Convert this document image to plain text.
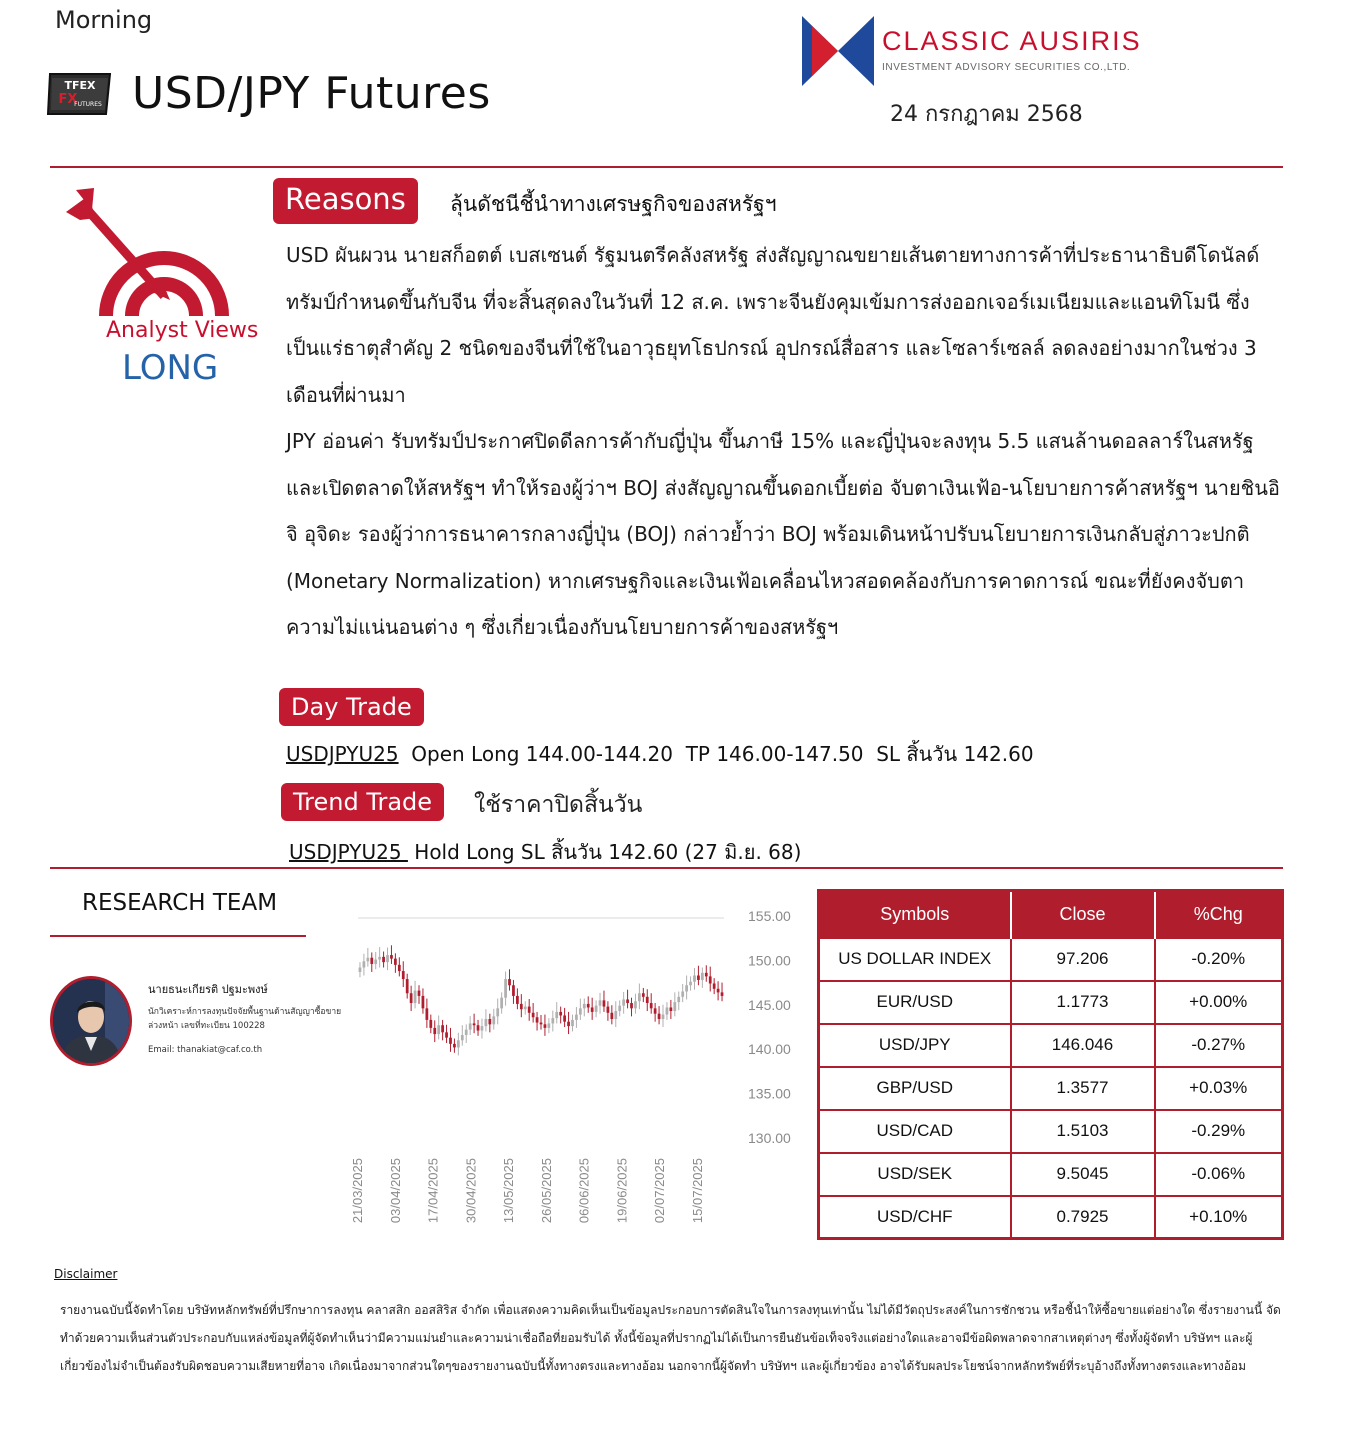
Morning
TFEX
FX
FUTURES USD/JPY Futures
CLASSIC AUSIRIS
INVESTMENT ADVISORY SECURITIES CO.,LTD.
24 กรกฎาคม 2568
Analyst Views
LONG
Reasons	ลุ้นดัชนีชี้นำทางเศรษฐกิจของสหรัฐฯ

USD ผันผวน นายสก็อตต์ เบสเซนต์ รัฐมนตรีคลังสหรัฐ ส่งสัญญาณขยายเส้นตายทางการค้าที่ประธานาธิบดีโดนัลด์ ทรัมป์กำหนดขึ้นกับจีน ที่จะสิ้นสุดลงในวันที่ 12 ส.ค. เพราะจีนยังคุมเข้มการส่งออกเจอร์เมเนียมและแอนทิโมนี ซึ่งเป็นแร่ธาตุสำคัญ 2 ชนิดของจีนที่ใช้ในอาวุธยุทโธปกรณ์ อุปกรณ์สื่อสาร และโซลาร์เซลล์ ลดลงอย่างมากในช่วง 3 เดือนที่ผ่านมา

JPY อ่อนค่า รับทรัมป์ประกาศปิดดีลการค้ากับญี่ปุ่น ขึ้นภาษี 15% และญี่ปุ่นจะลงทุน 5.5 แสนล้านดอลลาร์ในสหรัฐและเปิดตลาดให้สหรัฐฯ ทำให้รองผู้ว่าฯ BOJ ส่งสัญญาณขึ้นดอกเบี้ยต่อ จับตาเงินเฟ้อ-นโยบายการค้าสหรัฐฯ นายชินอิจิ อุจิดะ รองผู้ว่าการธนาคารกลางญี่ปุ่น (BOJ) กล่าวย้ำว่า BOJ พร้อมเดินหน้าปรับนโยบายการเงินกลับสู่ภาวะปกติ (Monetary Normalization) หากเศรษฐกิจและเงินเฟ้อเคลื่อนไหวสอดคล้องกับการคาดการณ์ ขณะที่ยังคงจับตาความไม่แน่นอนต่าง ๆ ซึ่งเกี่ยวเนื่องกับนโยบายการค้าของสหรัฐฯ

Day Trade
USDJPYU25  Open Long 144.00-144.20  TP 146.00-147.50  SL สิ้นวัน 142.60
Trend Trade	ใช้ราคาปิดสิ้นวัน
USDJPYU25  Hold Long SL สิ้นวัน 142.60 (27 มิ.ย. 68)
RESEARCH TEAM
นายธนะเกียรติ ปฐมะพงษ์
นักวิเคราะห์การลงทุนปัจจัยพื้นฐานด้านสัญญาซื้อขายล่วงหน้า เลขที่ทะเบียน 100228
Email: thanakiat@caf.co.th
155.00
150.00
145.00
140.00
135.00
130.00
21/03/2025 03/04/2025 17/04/2025 30/04/2025 13/05/2025 26/05/2025 06/06/2025 19/06/2025 02/07/2025 15/07/2025
Symbols	Close	%Chg
US DOLLAR INDEX	97.206	-0.20%
EUR/USD	1.1773	+0.00%
USD/JPY	146.046	-0.27%
GBP/USD	1.3577	+0.03%
USD/CAD	1.5103	-0.29%
USD/SEK	9.5045	-0.06%
USD/CHF	0.7925	+0.10%
Disclaimer
รายงานฉบับนี้จัดทำโดย บริษัทหลักทรัพย์ที่ปรึกษาการลงทุน คลาสสิก ออสสิริส จำกัด เพื่อแสดงความคิดเห็นเป็นข้อมูลประกอบการตัดสินใจในการลงทุนเท่านั้น ไม่ได้มีวัตถุประสงค์ในการชักชวน หรือชี้นำให้ซื้อขายแต่อย่างใด ซึ่งรายงานนี้ จัดทำด้วยความเห็นส่วนตัวประกอบกับแหล่งข้อมูลที่ผู้จัดทำเห็นว่ามีความแม่นยำและความน่าเชื่อถือที่ยอมรับได้ ทั้งนี้ข้อมูลที่ปรากฏไม่ได้เป็นการยืนยันข้อเท็จจริงแต่อย่างใดและอาจมีข้อผิดพลาดจากสาเหตุต่างๆ ซึ่งทั้งผู้จัดทำ บริษัทฯ และผู้เกี่ยวข้องไม่จำเป็นต้องรับผิดชอบความเสียหายที่อาจ เกิดเนื่องมาจากส่วนใดๆของรายงานฉบับนี้ทั้งทางตรงและทางอ้อม นอกจากนี้ผู้จัดทำ บริษัทฯ และผู้เกี่ยวข้อง อาจได้รับผลประโยชน์จากหลักทรัพย์ที่ระบุอ้างถึงทั้งทางตรงและทางอ้อม
